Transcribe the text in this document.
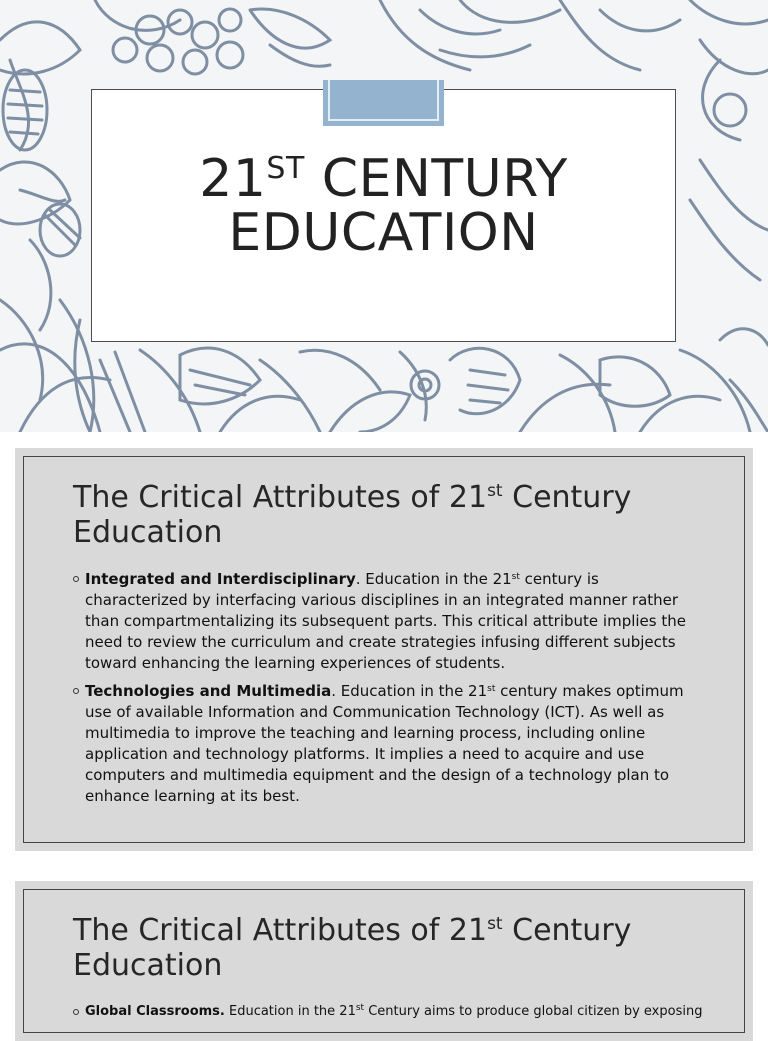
21ST CENTURY
EDUCATION
The Critical Attributes of 21st Century Education
Integrated and Interdisciplinary. Education in the 21st century is characterized by interfacing various disciplines in an integrated manner rather than compartmentalizing its subsequent parts. This critical attribute implies the need to review the curriculum and create strategies infusing different subjects toward enhancing the learning experiences of students.
Technologies and Multimedia. Education in the 21st century makes optimum use of available Information and Communication Technology (ICT). As well as multimedia to improve the teaching and learning process, including online application and technology platforms. It implies a need to acquire and use computers and multimedia equipment and the design of a technology plan to enhance learning at its best.
The Critical Attributes of 21st Century Education
Global Classrooms. Education in the 21st Century aims to produce global citizen by exposing
